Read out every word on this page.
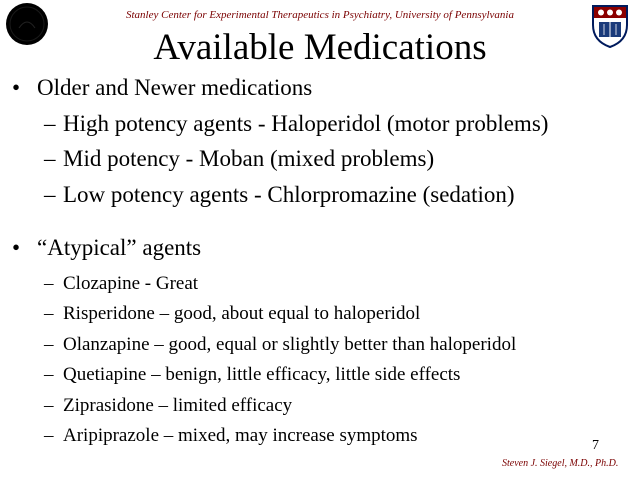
Stanley Center for Experimental Therapeutics in Psychiatry, University of Pennsylvania
Available Medications
• Older and Newer medications
– High potency agents - Haloperidol (motor problems)
– Mid potency - Moban (mixed problems)
– Low potency agents - Chlorpromazine (sedation)
• “Atypical” agents
– Clozapine - Great
– Risperidone – good, about equal to haloperidol
– Olanzapine – good, equal or slightly better than haloperidol
– Quetiapine – benign, little efficacy, little side effects
– Ziprasidone – limited efficacy
– Aripiprazole – mixed, may increase symptoms	7
Steven J. Siegel, M.D., Ph.D.
